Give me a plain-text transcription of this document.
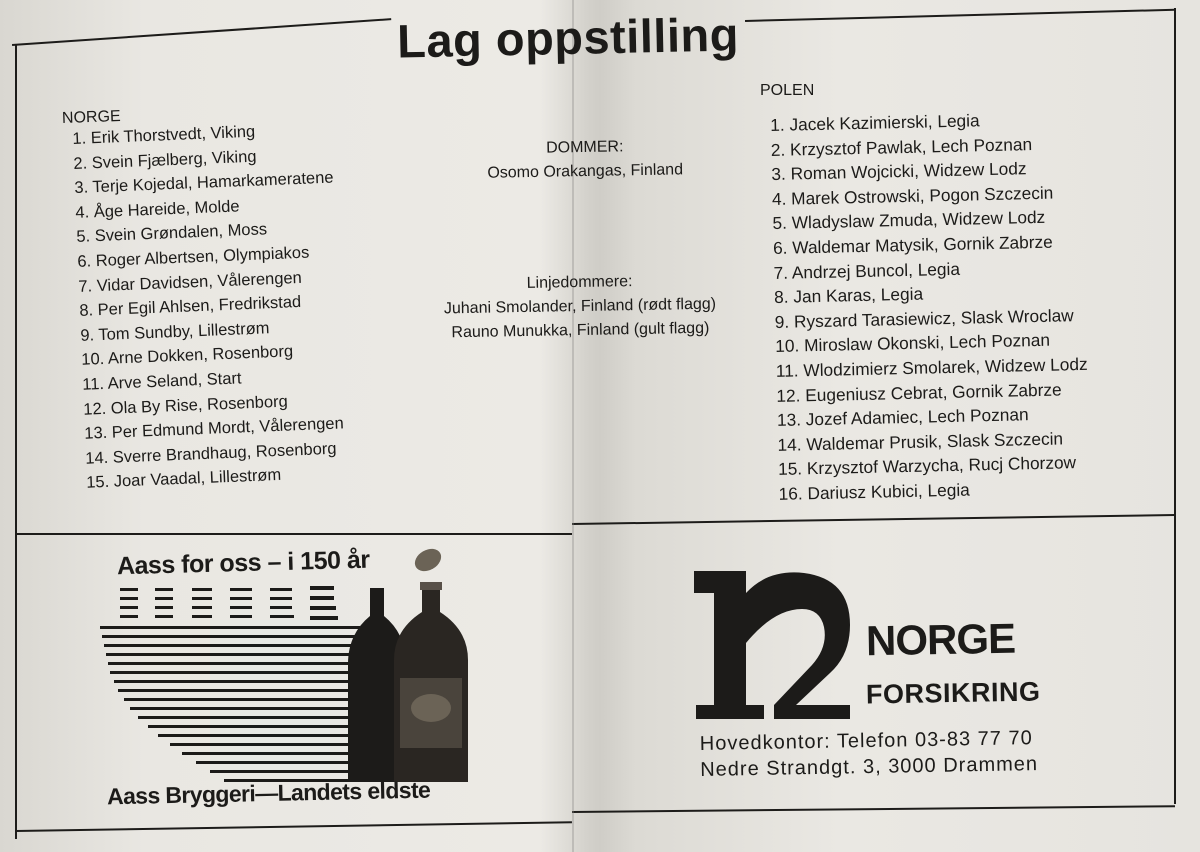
Lag oppstilling
NORGE
1. Erik Thorstvedt, Viking
2. Svein Fjælberg, Viking
3. Terje Kojedal, Hamarkameratene
4. Åge Hareide, Molde
5. Svein Grøndalen, Moss
6. Roger Albertsen, Olympiakos
7. Vidar Davidsen, Vålerengen
8. Per Egil Ahlsen, Fredrikstad
9. Tom Sundby, Lillestrøm
10. Arne Dokken, Rosenborg
11. Arve Seland, Start
12. Ola By Rise, Rosenborg
13. Per Edmund Mordt, Vålerengen
14. Sverre Brandhaug, Rosenborg
15. Joar Vaadal, Lillestrøm
DOMMER:
Osomo Orakangas, Finland
Linjedommere:
Juhani Smolander, Finland (rødt flagg)
Rauno Munukka, Finland (gult flagg)
POLEN
1. Jacek Kazimierski, Legia
2. Krzysztof Pawlak, Lech Poznan
3. Roman Wojcicki, Widzew Lodz
4. Marek Ostrowski, Pogon Szczecin
5. Wladyslaw Zmuda, Widzew Lodz
6. Waldemar Matysik, Gornik Zabrze
7. Andrzej Buncol, Legia
8. Jan Karas, Legia
9. Ryszard Tarasiewicz, Slask Wroclaw
10. Miroslaw Okonski, Lech Poznan
11. Wlodzimierz Smolarek, Widzew Lodz
12. Eugeniusz Cebrat, Gornik Zabrze
13. Jozef Adamiec, Lech Poznan
14. Waldemar Prusik, Slask Szczecin
15. Krzysztof Warzycha, Rucj Chorzow
16. Dariusz Kubici, Legia
Aass for oss – i 150 år
Aass Bryggeri—Landets eldste
NORGE
FORSIKRING
Hovedkontor: Telefon 03-83 77 70
Nedre Strandgt. 3, 3000 Drammen
